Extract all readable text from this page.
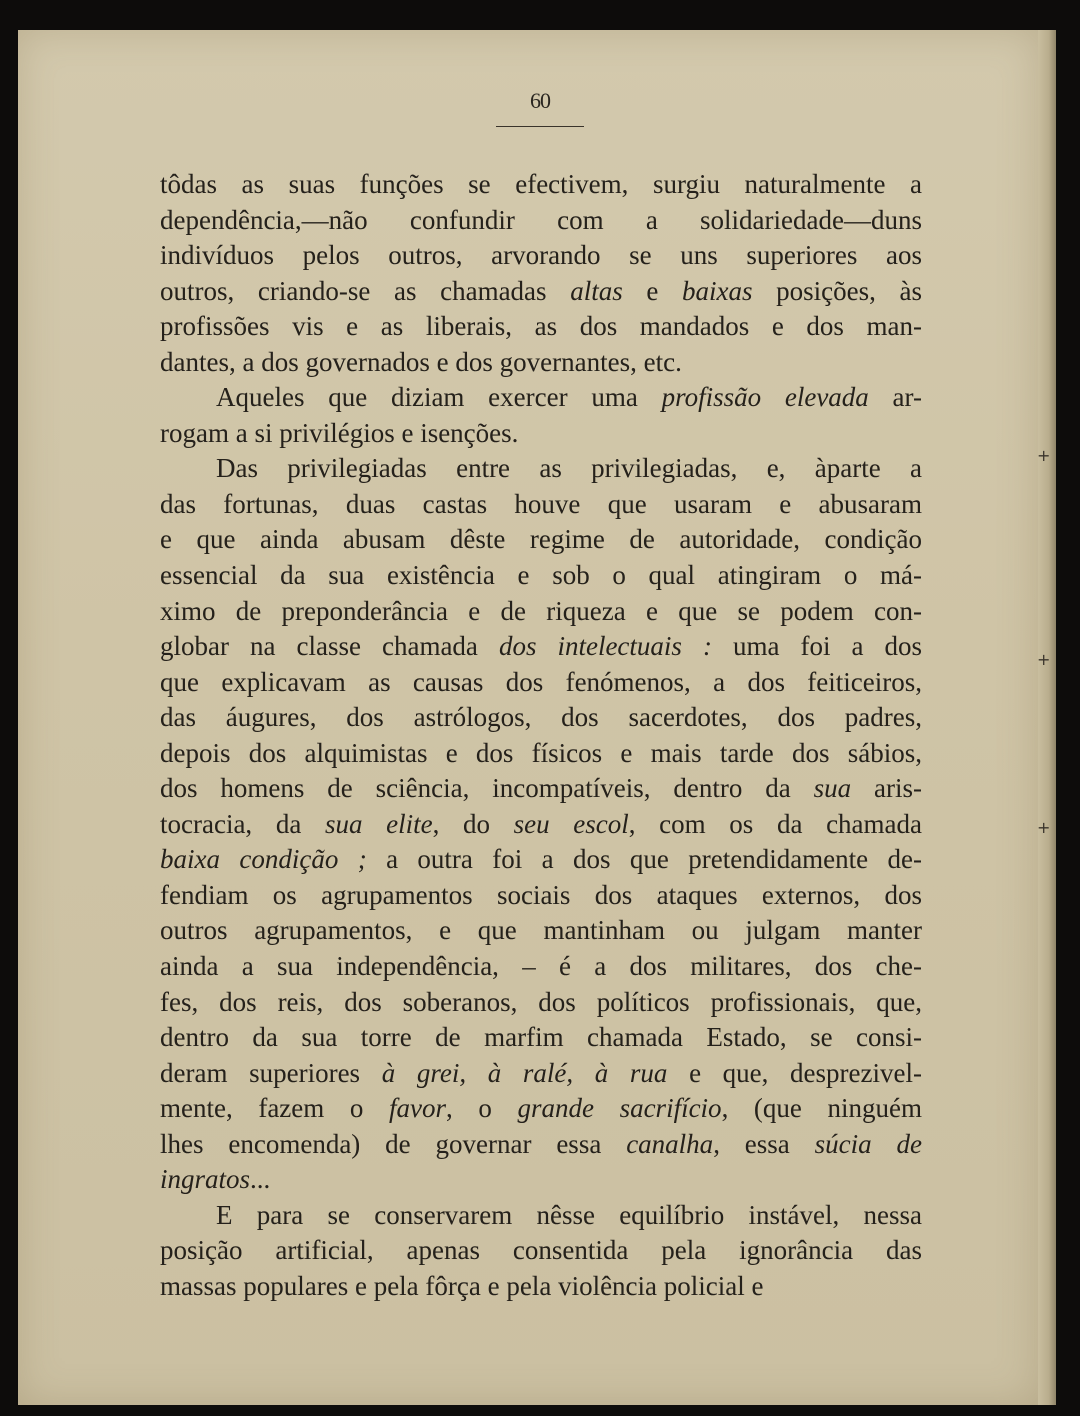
+
+
+
60
tôdas as suas funções se efectivem, surgiu naturalmente a
dependência,—não confundir com a solidariedade—duns
indivíduos pelos outros, arvorando se uns superiores aos
outros, criando-se as chamadas altas e baixas posições, às
profissões vis e as liberais, as dos mandados e dos man-
dantes, a dos governados e dos governantes, etc.
Aqueles que diziam exercer uma profissão elevada ar-
rogam a si privilégios e isenções.
Das privilegiadas entre as privilegiadas, e, àparte a
das fortunas, duas castas houve que usaram e abusaram
e que ainda abusam dêste regime de autoridade, condição
essencial da sua existência e sob o qual atingiram o má-
ximo de preponderância e de riqueza e que se podem con-
globar na classe chamada dos intelectuais : uma foi a dos
que explicavam as causas dos fenómenos, a dos feiticeiros,
das áugures, dos astrólogos, dos sacerdotes, dos padres,
depois dos alquimistas e dos físicos e mais tarde dos sábios,
dos homens de sciência, incompatíveis, dentro da sua aris-
tocracia, da sua elite, do seu escol, com os da chamada
baixa condição ; a outra foi a dos que pretendidamente de-
fendiam os agrupamentos sociais dos ataques externos, dos
outros agrupamentos, e que mantinham ou julgam manter
ainda a sua independência, – é a dos militares, dos che-
fes, dos reis, dos soberanos, dos políticos profissionais, que,
dentro da sua torre de marfim chamada Estado, se consi-
deram superiores à grei, à ralé, à rua e que, desprezivel-
mente, fazem o favor, o grande sacrifício, (que ninguém
lhes encomenda) de governar essa canalha, essa súcia de
ingratos...
E para se conservarem nêsse equilíbrio instável, nessa
posição artificial, apenas consentida pela ignorância das
massas populares e pela fôrça e pela violência policial e
